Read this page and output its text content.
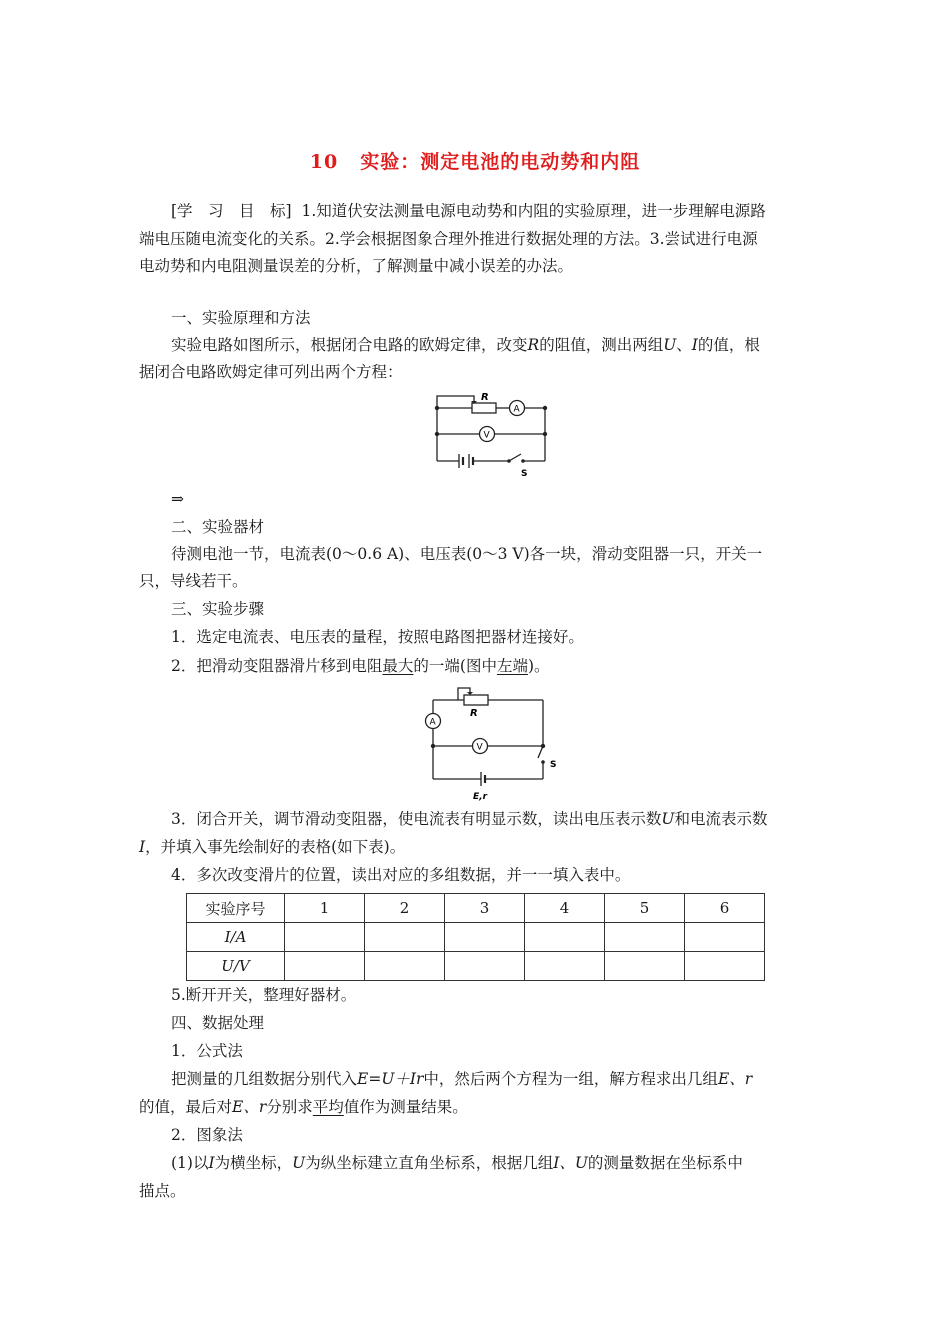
10 实验：测定电池的电动势和内阻
[学　习　目　标] 1.知道伏安法测量电源电动势和内阻的实验原理，进一步理解电源路
端电压随电流变化的关系。2.学会根据图象合理外推进行数据处理的方法。3.尝试进行电源
电动势和内电阻测量误差的分析，了解测量中减小误差的办法。
一、实验原理和方法
实验电路如图所示，根据闭合电路的欧姆定律，改变R的阻值，测出两组U、I的值，根
据闭合电路欧姆定律可列出两个方程：
R
A
V
S
⇒
二、实验器材
待测电池一节，电流表(0～0.6 A)、电压表(0～3 V)各一块，滑动变阻器一只，开关一
只，导线若干。
三、实验步骤
1．选定电流表、电压表的量程，按照电路图把器材连接好。
2．把滑动变阻器滑片移到电阻最大的一端(图中左端)。
A
R
V
S
E,r
3．闭合开关，调节滑动变阻器，使电流表有明显示数，读出电压表示数U和电流表示数
I，并填入事先绘制好的表格(如下表)。
4．多次改变滑片的位置，读出对应的多组数据，并一一填入表中。
实验序号	1	2	3	4	5	6
I/A						
U/V						
5.断开开关，整理好器材。
四、数据处理
1．公式法
把测量的几组数据分别代入E=U＋Ir中，然后两个方程为一组，解方程求出几组E、r
的值，最后对E、r分别求平均值作为测量结果。
2．图象法
(1)以I为横坐标，U为纵坐标建立直角坐标系，根据几组I、U的测量数据在坐标系中
描点。
